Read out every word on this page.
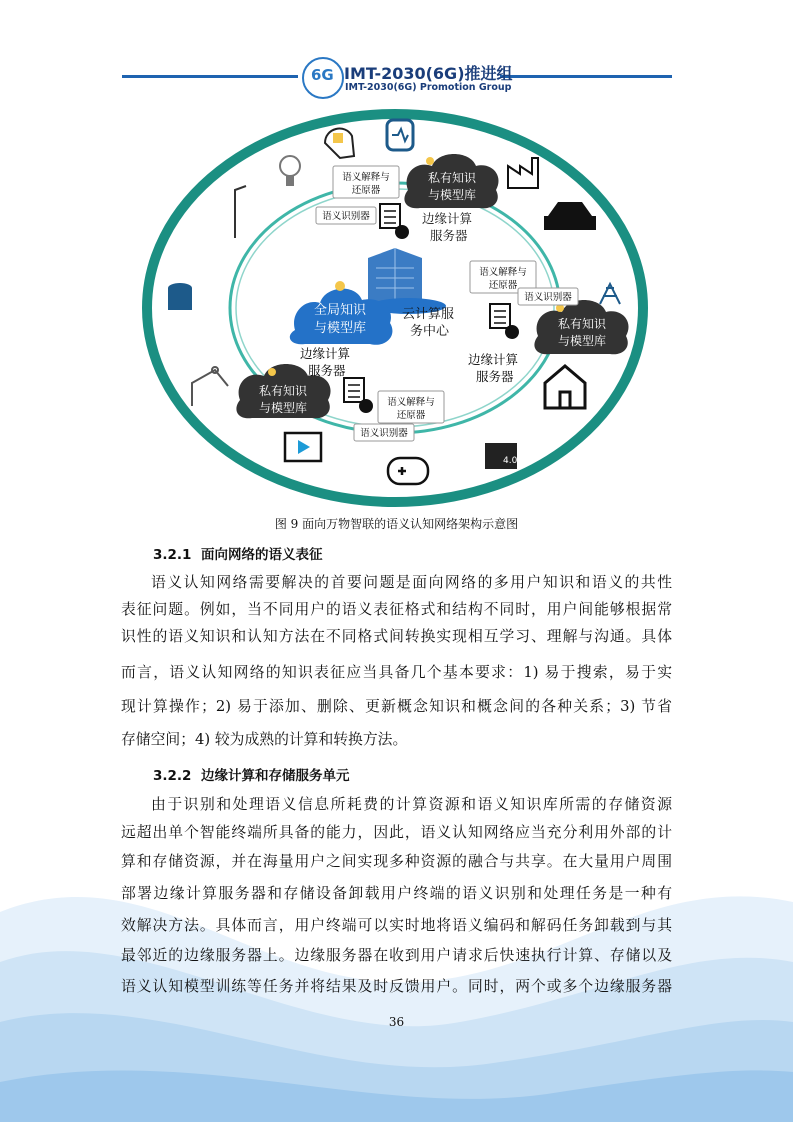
6G IMT-2030(6G)推进组
IMT-2030(6G) Promotion Group
全局知识
与模型库
云计算服
务中心
私有知识
与模型库
边缘计算
服务器
语义解释与
还原器
语义识别器
私有知识
与模型库
边缘计算
服务器
语义解释与
还原器
语义识别器
私有知识
与模型库
边缘计算
服务器
语义解释与
还原器
语义识别器
4.0
图 9 面向万物智联的语义认知网络架构示意图
3.2.1 面向网络的语义表征
语义认知网络需要解决的首要问题是面向网络的多用户知识和语义的共性
表征问题。例如，当不同用户的语义表征格式和结构不同时，用户间能够根据常
识性的语义知识和认知方法在不同格式间转换实现相互学习、理解与沟通。具体
而言，语义认知网络的知识表征应当具备几个基本要求：1) 易于搜索，易于实
现计算操作；2) 易于添加、删除、更新概念知识和概念间的各种关系；3) 节省
存储空间；4) 较为成熟的计算和转换方法。
3.2.2 边缘计算和存储服务单元
由于识别和处理语义信息所耗费的计算资源和语义知识库所需的存储资源
远超出单个智能终端所具备的能力，因此，语义认知网络应当充分利用外部的计
算和存储资源，并在海量用户之间实现多种资源的融合与共享。在大量用户周围
部署边缘计算服务器和存储设备卸载用户终端的语义识别和处理任务是一种有
效解决方法。具体而言，用户终端可以实时地将语义编码和解码任务卸载到与其
最邻近的边缘服务器上。边缘服务器在收到用户请求后快速执行计算、存储以及
语义认知模型训练等任务并将结果及时反馈用户。同时，两个或多个边缘服务器
36
